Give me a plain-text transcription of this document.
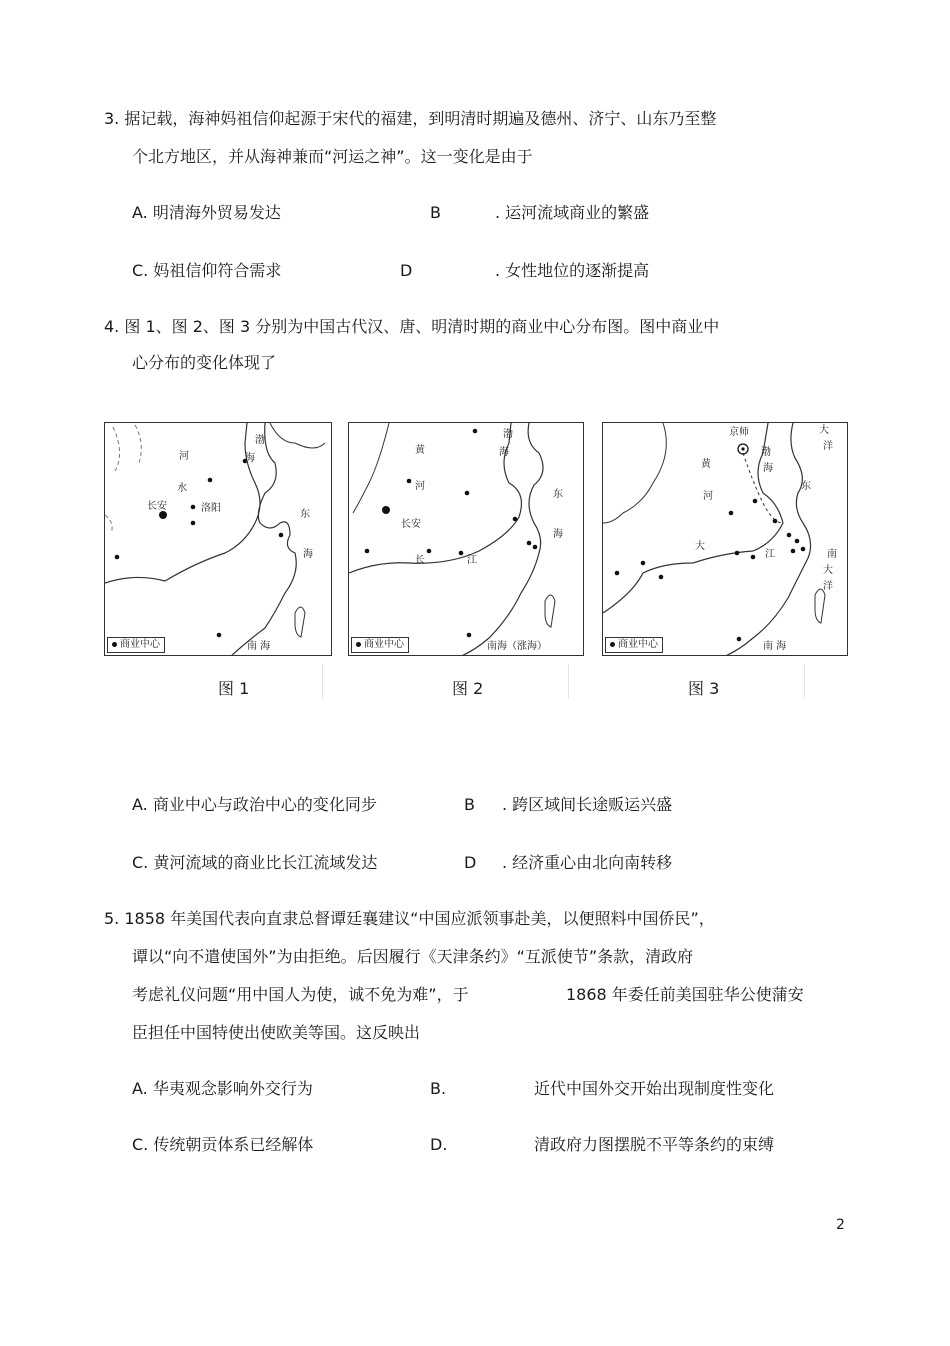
3. 据记载，海神妈祖信仰起源于宋代的福建，到明清时期遍及德州、济宁、山东乃至整
个北方地区，并从海神兼而“河运之神”。这一变化是由于
A. 明清海外贸易发达	B	. 运河流域商业的繁盛
C. 妈祖信仰符合需求	D	. 女性地位的逐渐提高
4. 图 1、图 2、图 3 分别为中国古代汉、唐、明清时期的商业中心分布图。图中商业中
心分布的变化体现了
河
水
长安	洛阳
渤
海
东
海
南 海
商业中心
黄
河
长安
渤
海
东
海
长	江
南海（涨海）
商业中心
京师
渤
海
黄
河
东
大
洋
大
江	南
大
洋
南 海
商业中心
图 1	图 2	图 3
A. 商业中心与政治中心的变化同步	B . 跨区域间长途贩运兴盛
C. 黄河流域的商业比长江流域发达	D . 经济重心由北向南转移
5. 1858 年美国代表向直隶总督谭廷襄建议“中国应派领事赴美，以便照料中国侨民”，
谭以“向不遣使国外”为由拒绝。后因履行《天津条约》“互派使节”条款，清政府
考虑礼仪问题“用中国人为使，诚不免为难”，于	1868 年委任前美国驻华公使蒲安
臣担任中国特使出使欧美等国。这反映出
A. 华夷观念影响外交行为	B.	近代中国外交开始出现制度性变化
C. 传统朝贡体系已经解体	D.	清政府力图摆脱不平等条约的束缚
2
